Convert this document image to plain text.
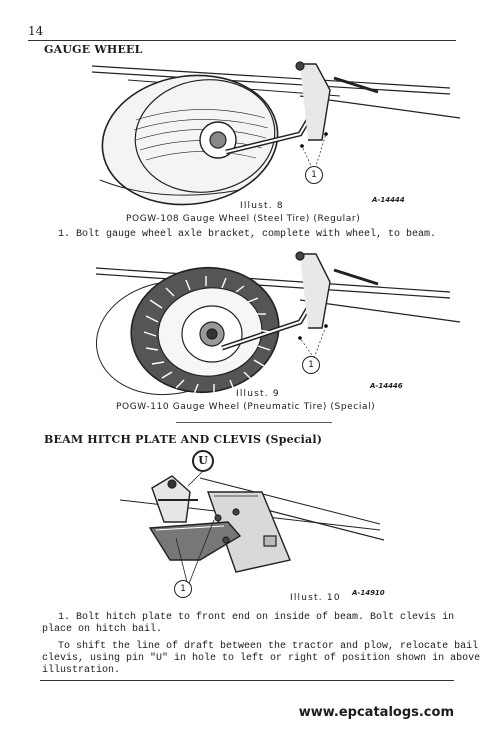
14
GAUGE WHEEL
1
A-14444
Illust. 8
POGW-108 Gauge Wheel (Steel Tire) (Regular)
1. Bolt gauge wheel axle bracket, complete with wheel, to beam.
1
A-14446
Illust. 9
POGW-110 Gauge Wheel (Pneumatic Tire) (Special)
BEAM HITCH PLATE AND CLEVIS (Special)
U
1	A-14910
Illust. 10
1. Bolt hitch plate to front end on inside of beam. Bolt clevis in
place on hitch bail.
To shift the line of draft between the tractor and plow, relocate bail
clevis, using pin "U" in hole to left or right of position shown in above
illustration.
www.epcatalogs.com
